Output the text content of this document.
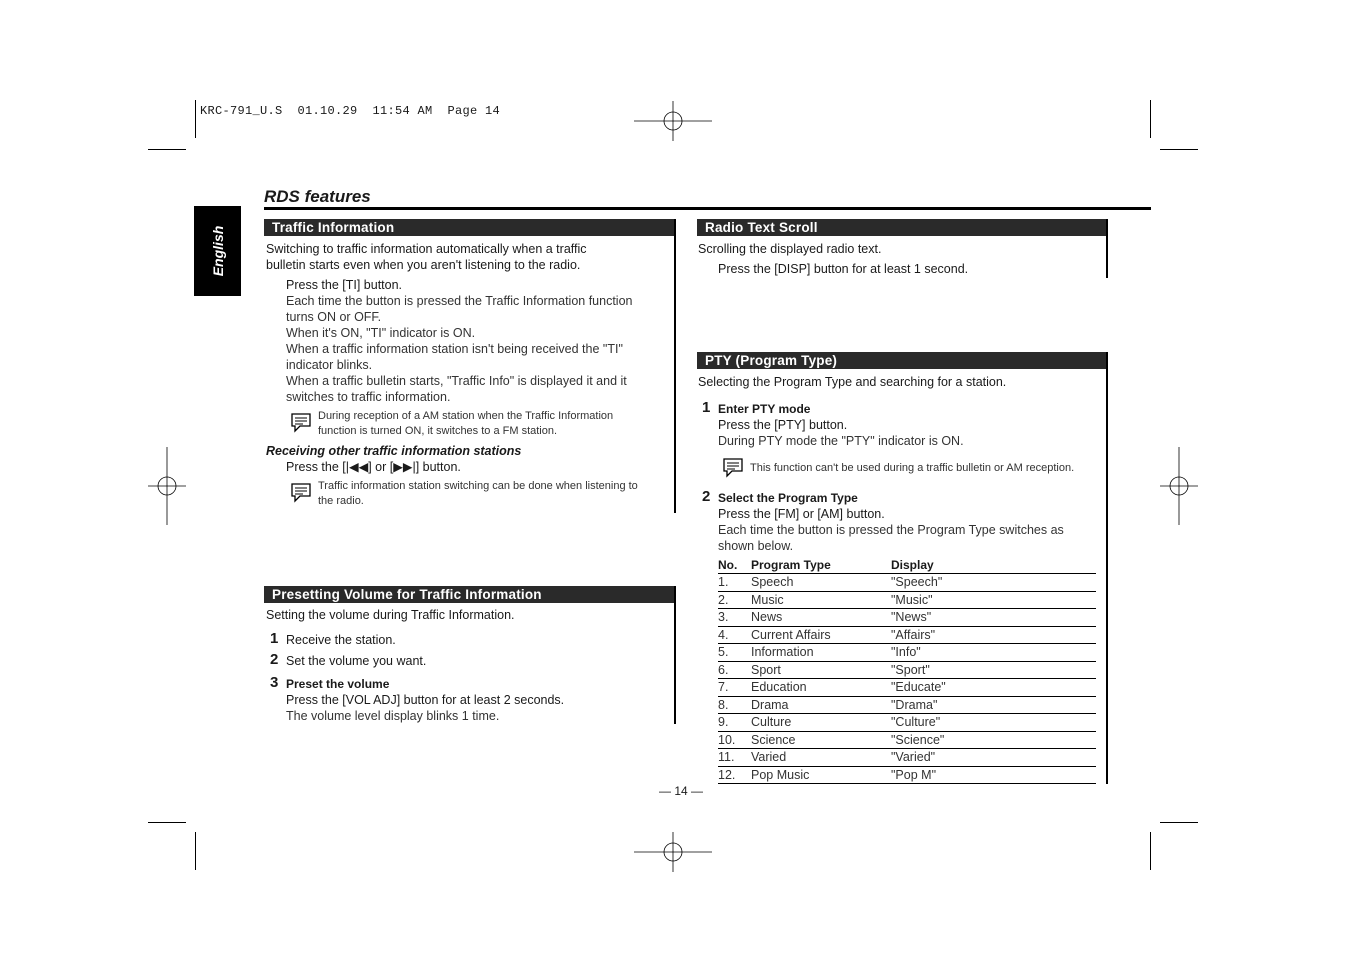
KRC-791_U.S  01.10.29  11:54 AM  Page 14
RDS features
English	Traffic Information
Switching to traffic information automatically when a traffic
bulletin starts even when you aren't listening to the radio.
Press the [TI] button.
Each time the button is pressed the Traffic Information function
turns ON or OFF.
When it's ON, "TI" indicator is ON.
When a traffic information station isn't being received the "TI"
indicator blinks.
When a traffic bulletin starts, "Traffic Info" is displayed it and it
switches to traffic information.
During reception of a AM station when the Traffic Information
function is turned ON, it switches to a FM station.
Receiving other traffic information stations
Press the [|◀◀] or [▶▶|] button.
Traffic information station switching can be done when listening to
the radio.
Presetting Volume for Traffic Information
Setting the volume during Traffic Information.
1 Receive the station.
2 Set the volume you want.
3 Preset the volume
Press the [VOL ADJ] button for at least 2 seconds.
The volume level display blinks 1 time.
Radio Text Scroll
Scrolling the displayed radio text.
Press the [DISP] button for at least 1 second.
PTY (Program Type)
Selecting the Program Type and searching for a station.
1 Enter PTY mode
Press the [PTY] button.
During PTY mode the "PTY" indicator is ON.
This function can't be used during a traffic bulletin or AM reception.
2 Select the Program Type
Press the [FM] or [AM] button.
Each time the button is pressed the Program Type switches as
shown below.
No.	Program Type	Display
1.	Speech	"Speech"
2.	Music	"Music"
3.	News	"News"
4.	Current Affairs	"Affairs"
5.	Information	"Info"
6.	Sport	"Sport"
7.	Education	"Educate"
8.	Drama	"Drama"
9.	Culture	"Culture"
10.	Science	"Science"
11.	Varied	"Varied"
12.	Pop Music	"Pop M"
— 14 —
